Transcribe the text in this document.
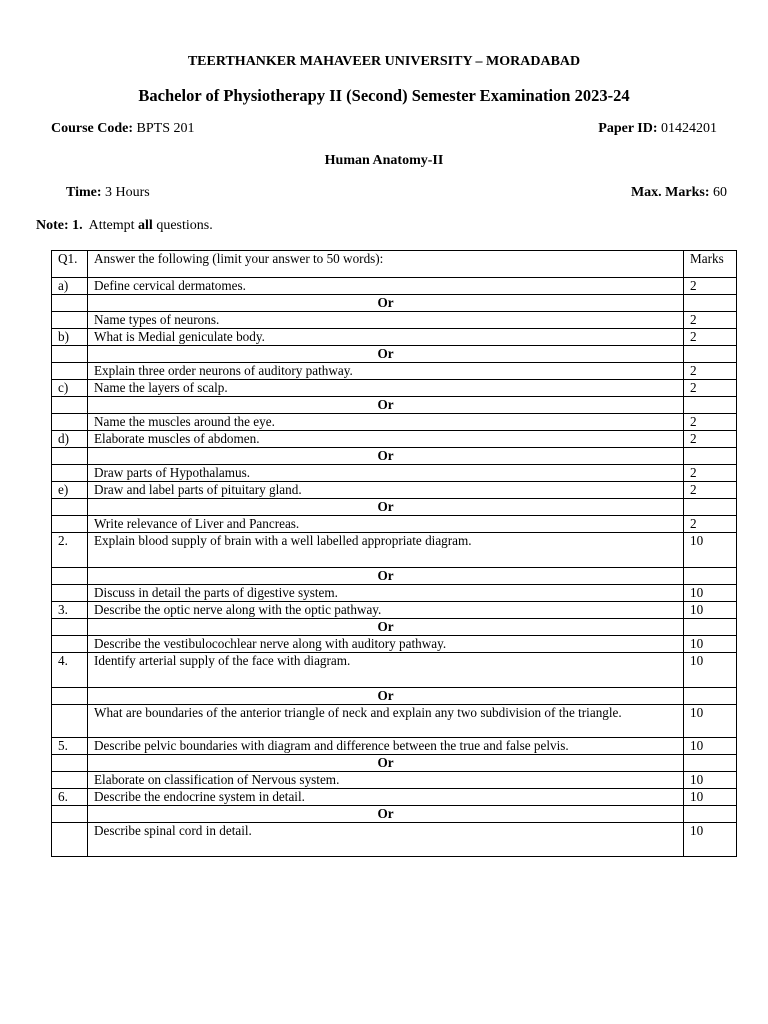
TEERTHANKER MAHAVEER UNIVERSITY – MORADABAD
Bachelor of Physiotherapy II (Second) Semester Examination 2023-24
Course Code: BPTS 201	Paper ID: 01424201
Human Anatomy-II
Time: 3 Hours	Max. Marks: 60
Note: 1. Attempt all questions.
Q1.	Answer the following (limit your answer to 50 words):	Marks
a)	Define cervical dermatomes.	2
	Or	
	Name types of neurons.	2
b)	What is Medial geniculate body.	2
	Or	
	Explain three order neurons of auditory pathway.	2
c)	Name the layers of scalp.	2
	Or	
	Name the muscles around the eye.	2
d)	Elaborate muscles of abdomen.	2
	Or	
	Draw parts of Hypothalamus.	2
e)	Draw and label parts of pituitary gland.	2
	Or	
	Write relevance of Liver and Pancreas.	2
2.	Explain blood supply of brain with a well labelled appropriate diagram.	10
	Or	
	Discuss in detail the parts of digestive system.	10
3.	Describe the optic nerve along with the optic pathway.	10
	Or	
	Describe the vestibulocochlear nerve along with auditory pathway.	10
4.	Identify arterial supply of the face with diagram.	10
	Or	
	What are boundaries of the anterior triangle of neck and explain any two subdivision of the triangle.	10
5.	Describe pelvic boundaries with diagram and difference between the true and false pelvis.	10
	Or	
	Elaborate on classification of Nervous system.	10
6.	Describe the endocrine system in detail.	10
	Or	
	Describe spinal cord in detail.	10
